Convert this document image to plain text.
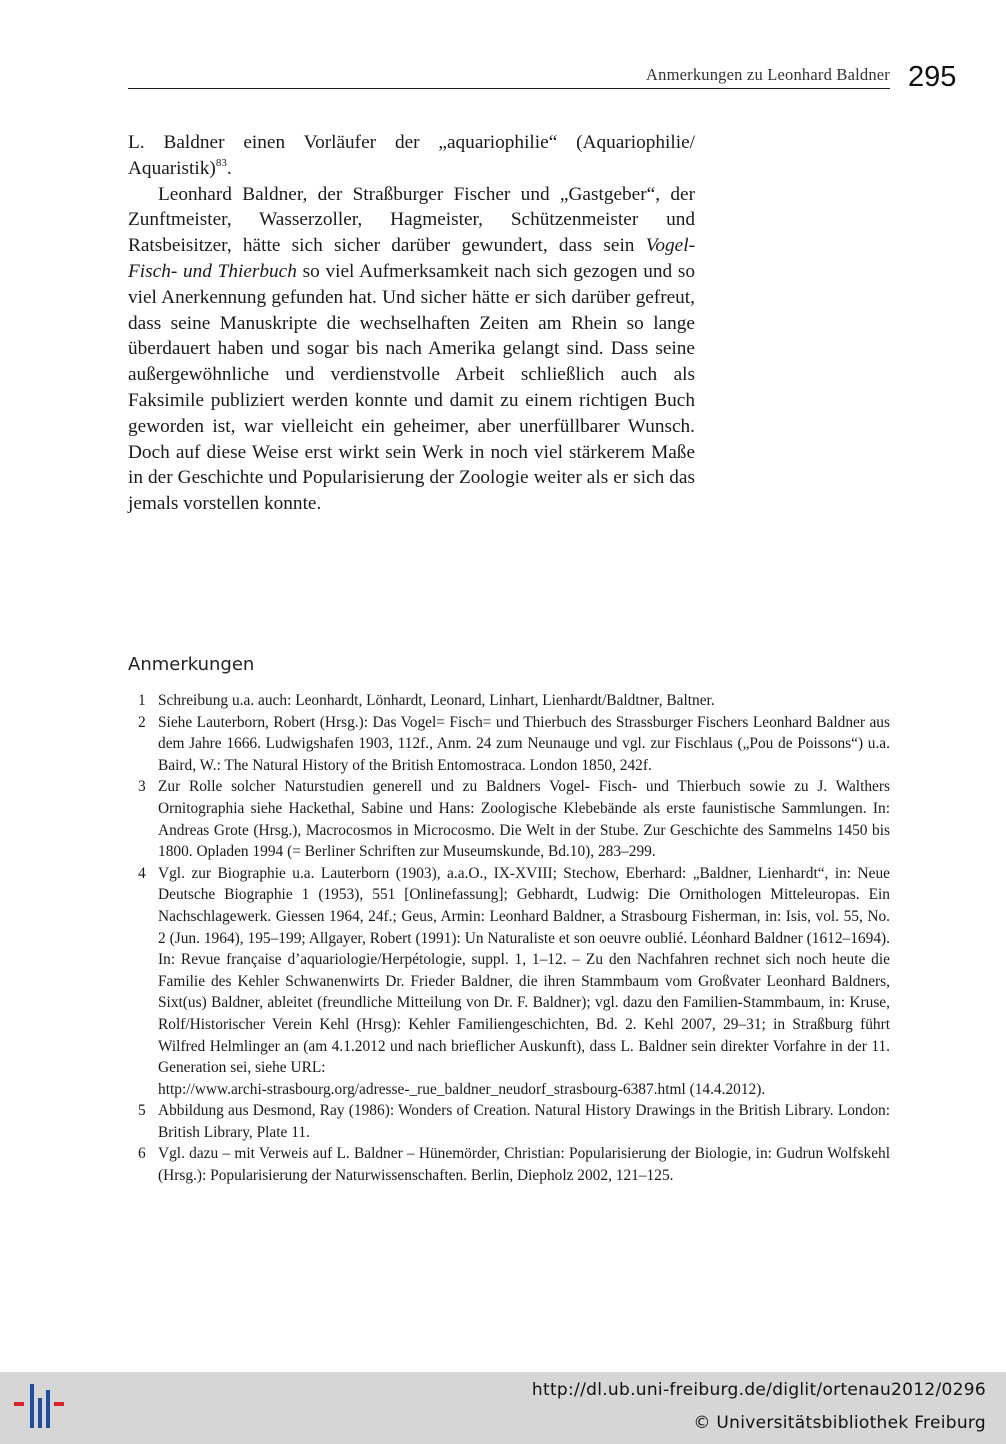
Anmerkungen zu Leonhard Baldner 295

L. Baldner einen Vorläufer der „aquariophilie“ (Aquariophilie/ Aquaristik)$^{83}$.

Leonhard Baldner, der Straßburger Fischer und „Gastgeber“, der Zunftmeister, Wasserzoller, Hagmeister, Schützenmeister und Ratsbeisitzer, hätte sich sicher darüber gewundert, dass sein Vogel- Fisch- und Thierbuch so viel Aufmerksamkeit nach sich gezogen und so viel Anerkennung gefunden hat. Und sicher hätte er sich darüber gefreut, dass seine Manuskripte die wechselhaften Zeiten am Rhein so lange überdauert haben und sogar bis nach Amerika gelangt sind. Dass seine außergewöhnliche und verdienstvolle Arbeit schließlich auch als Faksimile publiziert werden konnte und damit zu einem richtigen Buch geworden ist, war vielleicht ein geheimer, aber unerfüllbarer Wunsch. Doch auf diese Weise erst wirkt sein Werk in noch viel stärkerem Maße in der Geschichte und Popularisierung der Zoologie weiter als er sich das jemals vorstellen konnte.

Anmerkungen
1 Schreibung u.a. auch: Leonhardt, Lönhardt, Leonard, Linhart, Lienhardt/Baldtner, Baltner.
2 Siehe Lauterborn, Robert (Hrsg.): Das Vogel= Fisch= und Thierbuch des Strassburger Fischers Leonhard Baldner aus dem Jahre 1666. Ludwigshafen 1903, 112f., Anm. 24 zum Neunauge und vgl. zur Fischlaus („Pou de Poissons“) u.a. Baird, W.: The Natural History of the British Entomostraca. London 1850, 242f.
3 Zur Rolle solcher Naturstudien generell und zu Baldners Vogel- Fisch- und Thierbuch sowie zu J. Walthers Ornitographia siehe Hackethal, Sabine und Hans: Zoologische Klebebände als erste faunistische Sammlungen. In: Andreas Grote (Hrsg.), Macrocosmos in Microcosmo. Die Welt in der Stube. Zur Geschichte des Sammelns 1450 bis 1800. Opladen 1994 (= Berliner Schriften zur Museumskunde, Bd.10), 283–299.
4 Vgl. zur Biographie u.a. Lauterborn (1903), a.a.O., IX-XVIII; Stechow, Eberhard: „Baldner, Lienhardt“, in: Neue Deutsche Biographie 1 (1953), 551 [Onlinefassung]; Gebhardt, Ludwig: Die Ornithologen Mitteleuropas. Ein Nachschlagewerk. Giessen 1964, 24f.; Geus, Armin: Leonhard Baldner, a Strasbourg Fisherman, in: Isis, vol. 55, No. 2 (Jun. 1964), 195–199; Allgayer, Robert (1991): Un Naturaliste et son oeuvre oublié. Léonhard Baldner (1612–1694). In: Revue française d’aquariologie/Herpétologie, suppl. 1, 1–12. – Zu den Nachfahren rechnet sich noch heute die Familie des Kehler Schwanenwirts Dr. Frieder Baldner, die ihren Stammbaum vom Großvater Leonhard Baldners, Sixt(us) Baldner, ableitet (freundliche Mitteilung von Dr. F. Baldner); vgl. dazu den Familien-Stammbaum, in: Kruse, Rolf/Historischer Verein Kehl (Hrsg): Kehler Familiengeschichten, Bd. 2. Kehl 2007, 29–31; in Straßburg führt Wilfred Helmlinger an (am 4.1.2012 und nach brieflicher Auskunft), dass L. Baldner sein direkter Vorfahre in der 11. Generation sei, siehe URL:
http://www.archi-strasbourg.org/adresse-_rue_baldner_neudorf_strasbourg-6387.html (14.4.2012).
5 Abbildung aus Desmond, Ray (1986): Wonders of Creation. Natural History Drawings in the British Library. London: British Library, Plate 11.
6 Vgl. dazu – mit Verweis auf L. Baldner – Hünemörder, Christian: Popularisierung der Biologie, in: Gudrun Wolfskehl (Hrsg.): Popularisierung der Naturwissenschaften. Berlin, Diepholz 2002, 121–125.
http://dl.ub.uni-freiburg.de/diglit/ortenau2012/0296
© Universitätsbibliothek Freiburg
